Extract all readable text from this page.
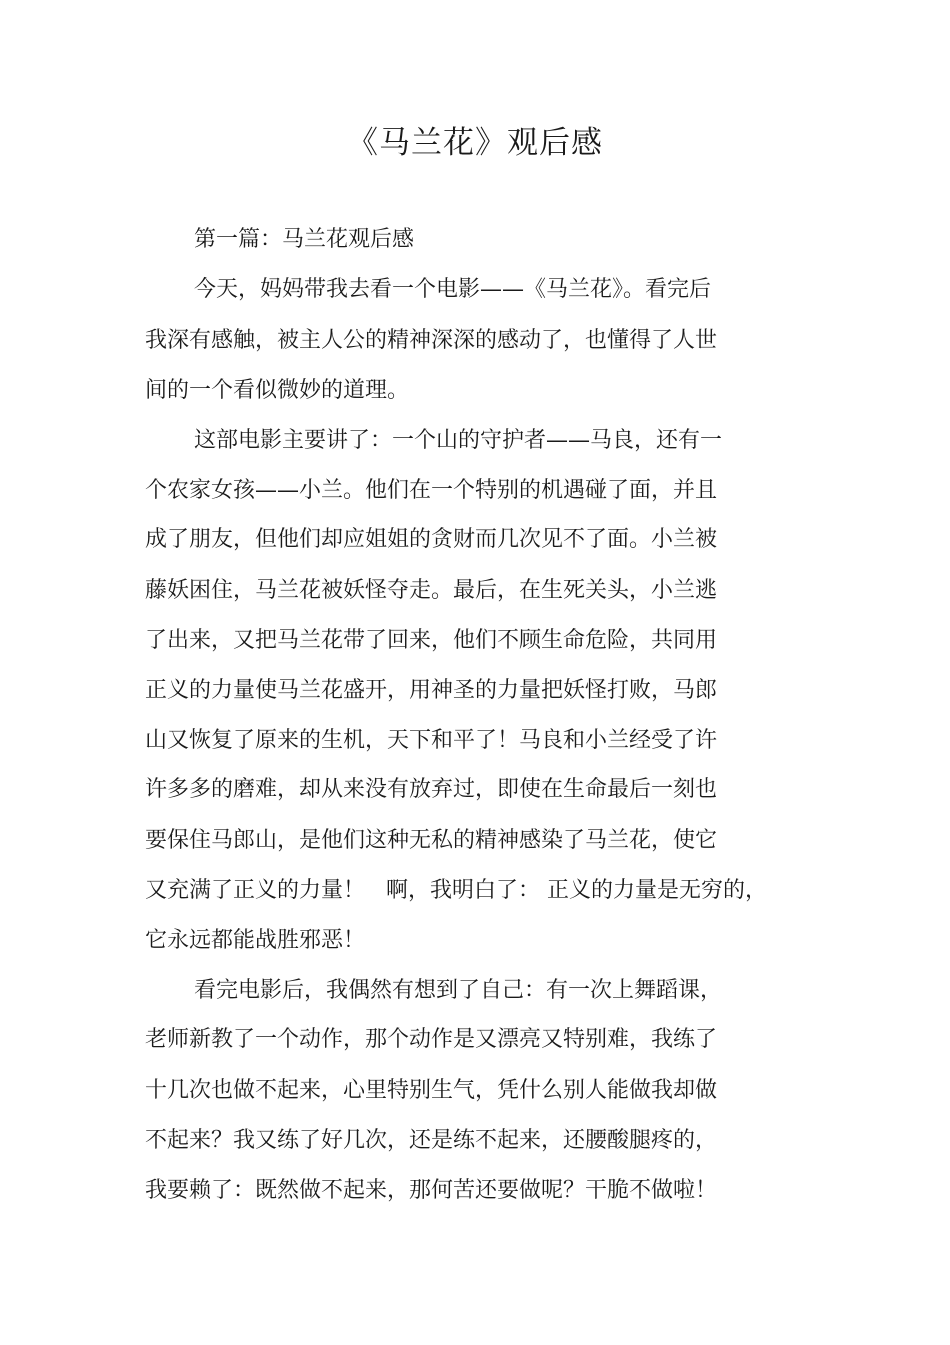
《马兰花》观后感
第一篇：马兰花观后感
今天，妈妈带我去看一个电影——《马兰花》。看完后
我深有感触，被主人公的精神深深的感动了，也懂得了人世
间的一个看似微妙的道理。
这部电影主要讲了：一个山的守护者——马良，还有一
个农家女孩——小兰。他们在一个特别的机遇碰了面，并且
成了朋友，但他们却应姐姐的贪财而几次见不了面。小兰被
藤妖困住，马兰花被妖怪夺走。最后，在生死关头，小兰逃
了出来，又把马兰花带了回来，他们不顾生命危险，共同用
正义的力量使马兰花盛开，用神圣的力量把妖怪打败，马郎
山又恢复了原来的生机，天下和平了！马良和小兰经受了许
许多多的磨难，却从来没有放弃过，即使在生命最后一刻也
要保住马郎山，是他们这种无私的精神感染了马兰花，使它
又充满了正义的力量！   啊，我明白了： 正义的力量是无穷的，
它永远都能战胜邪恶！
看完电影后，我偶然有想到了自己：有一次上舞蹈课，
老师新教了一个动作，那个动作是又漂亮又特别难，我练了
十几次也做不起来，心里特别生气，凭什么别人能做我却做
不起来？我又练了好几次，还是练不起来，还腰酸腿疼的，
我要赖了：既然做不起来，那何苦还要做呢？干脆不做啦！
